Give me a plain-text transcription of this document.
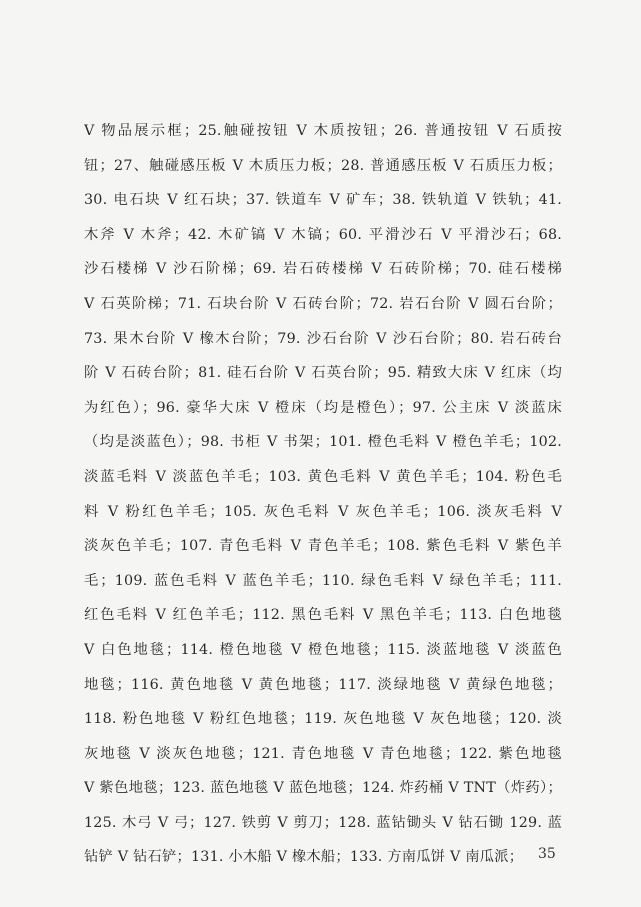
V 物品展示框；25.触碰按钮 V 木质按钮；26. 普通按钮 V 石质按
钮；27、触碰感压板 V 木质压力板；28. 普通感压板 V 石质压力板；
30. 电石块 V 红石块；37. 铁道车 V 矿车；38. 铁轨道 V 铁轨；41.
木斧 V 木斧；42. 木矿镐 V 木镐；60. 平滑沙石 V 平滑沙石；68.
沙石楼梯 V 沙石阶梯；69. 岩石砖楼梯 V 石砖阶梯；70. 硅石楼梯
V 石英阶梯；71. 石块台阶 V 石砖台阶；72. 岩石台阶 V 圆石台阶；
73. 果木台阶 V 橡木台阶；79. 沙石台阶 V 沙石台阶；80. 岩石砖台
阶 V 石砖台阶；81. 硅石台阶 V 石英台阶；95. 精致大床 V 红床（均
为红色）；96. 豪华大床 V 橙床（均是橙色）；97. 公主床 V 淡蓝床
（均是淡蓝色）；98. 书柜 V 书架；101. 橙色毛料 V 橙色羊毛；102.
淡蓝毛料 V 淡蓝色羊毛；103. 黄色毛料 V 黄色羊毛；104. 粉色毛
料 V 粉红色羊毛；105. 灰色毛料 V 灰色羊毛；106. 淡灰毛料 V
淡灰色羊毛；107. 青色毛料 V 青色羊毛；108. 紫色毛料 V 紫色羊
毛；109. 蓝色毛料 V 蓝色羊毛；110. 绿色毛料 V 绿色羊毛；111.
红色毛料 V 红色羊毛；112. 黑色毛料 V 黑色羊毛；113. 白色地毯
V 白色地毯；114. 橙色地毯 V 橙色地毯；115. 淡蓝地毯 V 淡蓝色
地毯；116. 黄色地毯 V 黄色地毯；117. 淡绿地毯 V 黄绿色地毯；
118. 粉色地毯 V 粉红色地毯；119. 灰色地毯 V 灰色地毯；120. 淡
灰地毯 V 淡灰色地毯；121. 青色地毯 V 青色地毯；122. 紫色地毯
V 紫色地毯；123. 蓝色地毯 V 蓝色地毯；124. 炸药桶 V TNT（炸药）；
125. 木弓 V 弓；127. 铁剪 V 剪刀；128. 蓝钻锄头 V 钻石锄 129. 蓝
钻铲 V 钻石铲；131. 小木船 V 橡木船；133. 方南瓜饼 V 南瓜派；	35
